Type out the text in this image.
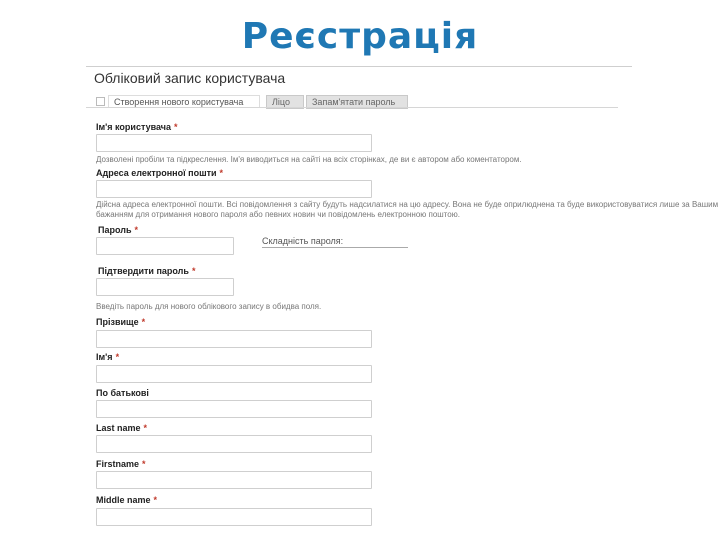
Реєстрація
Обліковий запис користувача
Створення нового користувача	Ліцо	Запам'ятати пароль
Ім'я користувача *
Дозволені пробіли та підкреслення. Ім'я виводиться на сайті на всіх сторінках, де ви є автором або коментатором.
Адреса електронної пошти *
Дійсна адреса електронної пошти. Всі повідомлення з сайту будуть надсилатися на цю адресу. Вона не буде оприлюднена та буде використовуватися лише за Вашим
бажанням для отримання нового пароля або певних новин чи повідомлень електронною поштою.
Пароль *
Складність пароля:
Підтвердити пароль *
Введіть пароль для нового облікового запису в обидва поля.
Прізвище *
Ім'я *
По батькові
Last name *
Firstname *
Middle name *
